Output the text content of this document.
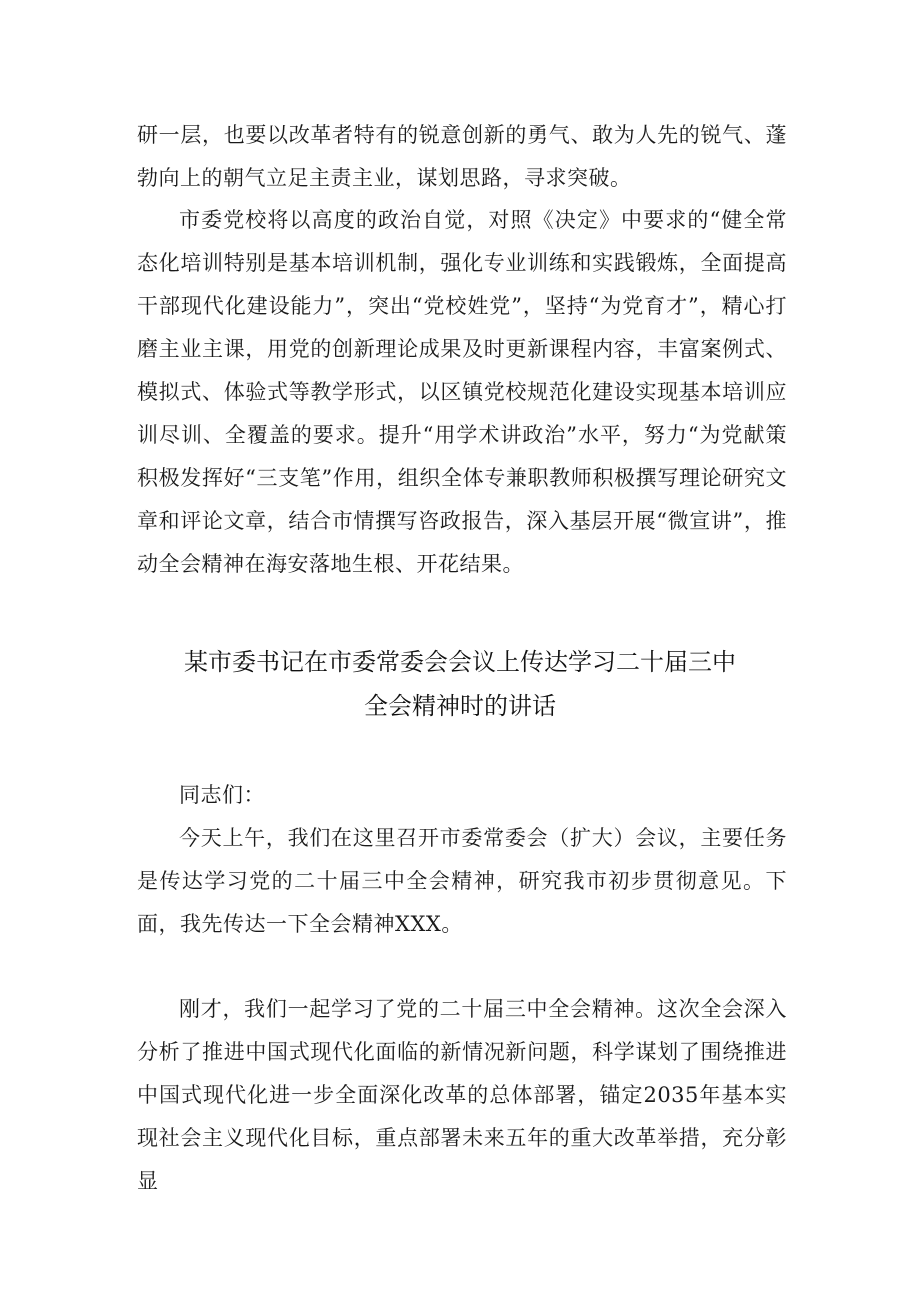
研一层，也要以改革者特有的锐意创新的勇气、敢为人先的锐气、蓬勃向上的朝气立足主责主业，谋划思路，寻求突破。

市委党校将以高度的政治自觉，对照《决定》中要求的“健全常态化培训特别是基本培训机制，强化专业训练和实践锻炼，全面提高干部现代化建设能力”，突出“党校姓党”，坚持“为党育才”，精心打磨主业主课，用党的创新理论成果及时更新课程内容，丰富案例式、模拟式、体验式等教学形式，以区镇党校规范化建设实现基本培训应训尽训、全覆盖的要求。提升“用学术讲政治”水平，努力“为党献策积极发挥好“三支笔”作用，组织全体专兼职教师积极撰写理论研究文章和评论文章，结合市情撰写咨政报告，深入基层开展“微宣讲”，推动全会精神在海安落地生根、开花结果。

某市委书记在市委常委会会议上传达学习二十届三中
全会精神时的讲话

同志们：

今天上午，我们在这里召开市委常委会（扩大）会议，主要任务是传达学习党的二十届三中全会精神，研究我市初步贯彻意见。下面，我先传达一下全会精神XXX。

刚才，我们一起学习了党的二十届三中全会精神。这次全会深入分析了推进中国式现代化面临的新情况新问题，科学谋划了围绕推进中国式现代化进一步全面深化改革的总体部署，锚定2035年基本实现社会主义现代化目标，重点部署未来五年的重大改革举措，充分彰显
